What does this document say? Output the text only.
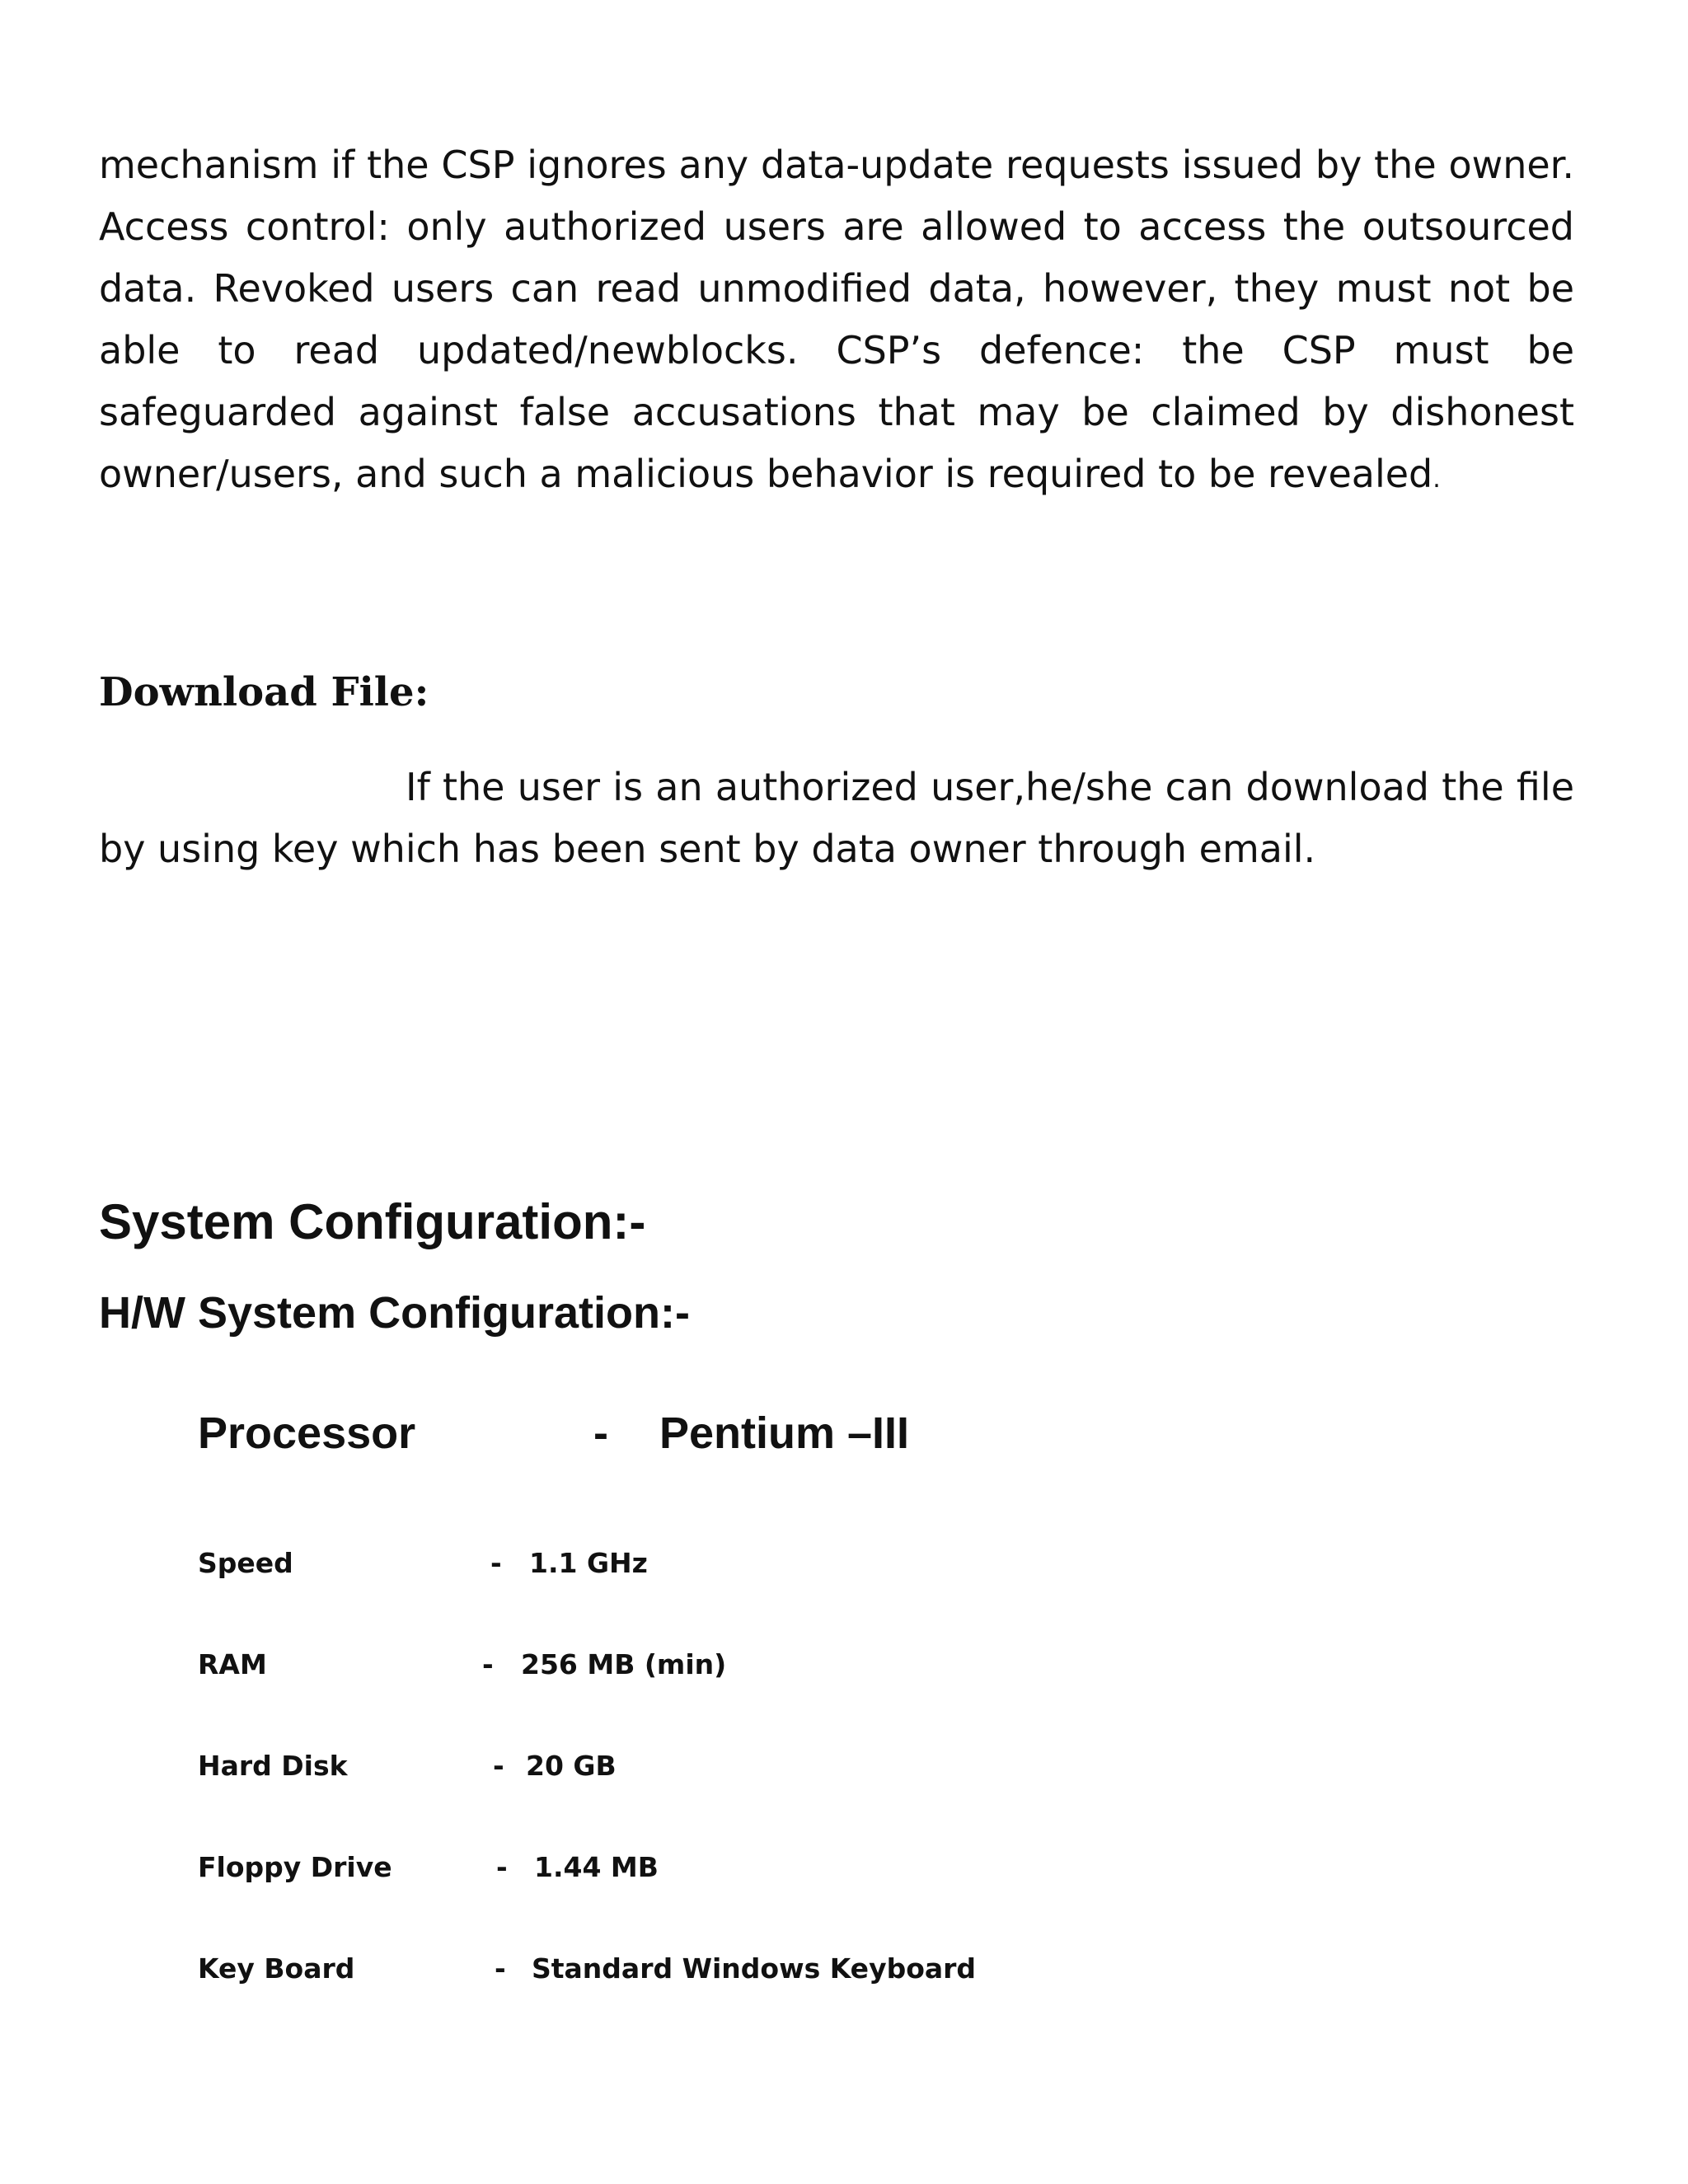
mechanism if the CSP ignores any data-update requests issued by the owner. Access control: only authorized users are allowed to access the outsourced data. Revoked users can read unmodified data, however, they must not be able to read updated/newblocks. CSP’s defence: the CSP must be safeguarded against false accusations that may be claimed by dishonest owner/users, and such a malicious behavior is required to be revealed.

Download File:

If the user is an authorized user,he/she can download the file by using key which has been sent by data owner through email.

System Configuration:-
H/W System Configuration:-
Processor	- Pentium –III
Speed	- 1.1 GHz
RAM	- 256 MB (min)
Hard Disk	- 20 GB
Floppy Drive	- 1.44 MB
Key Board	- Standard Windows Keyboard
